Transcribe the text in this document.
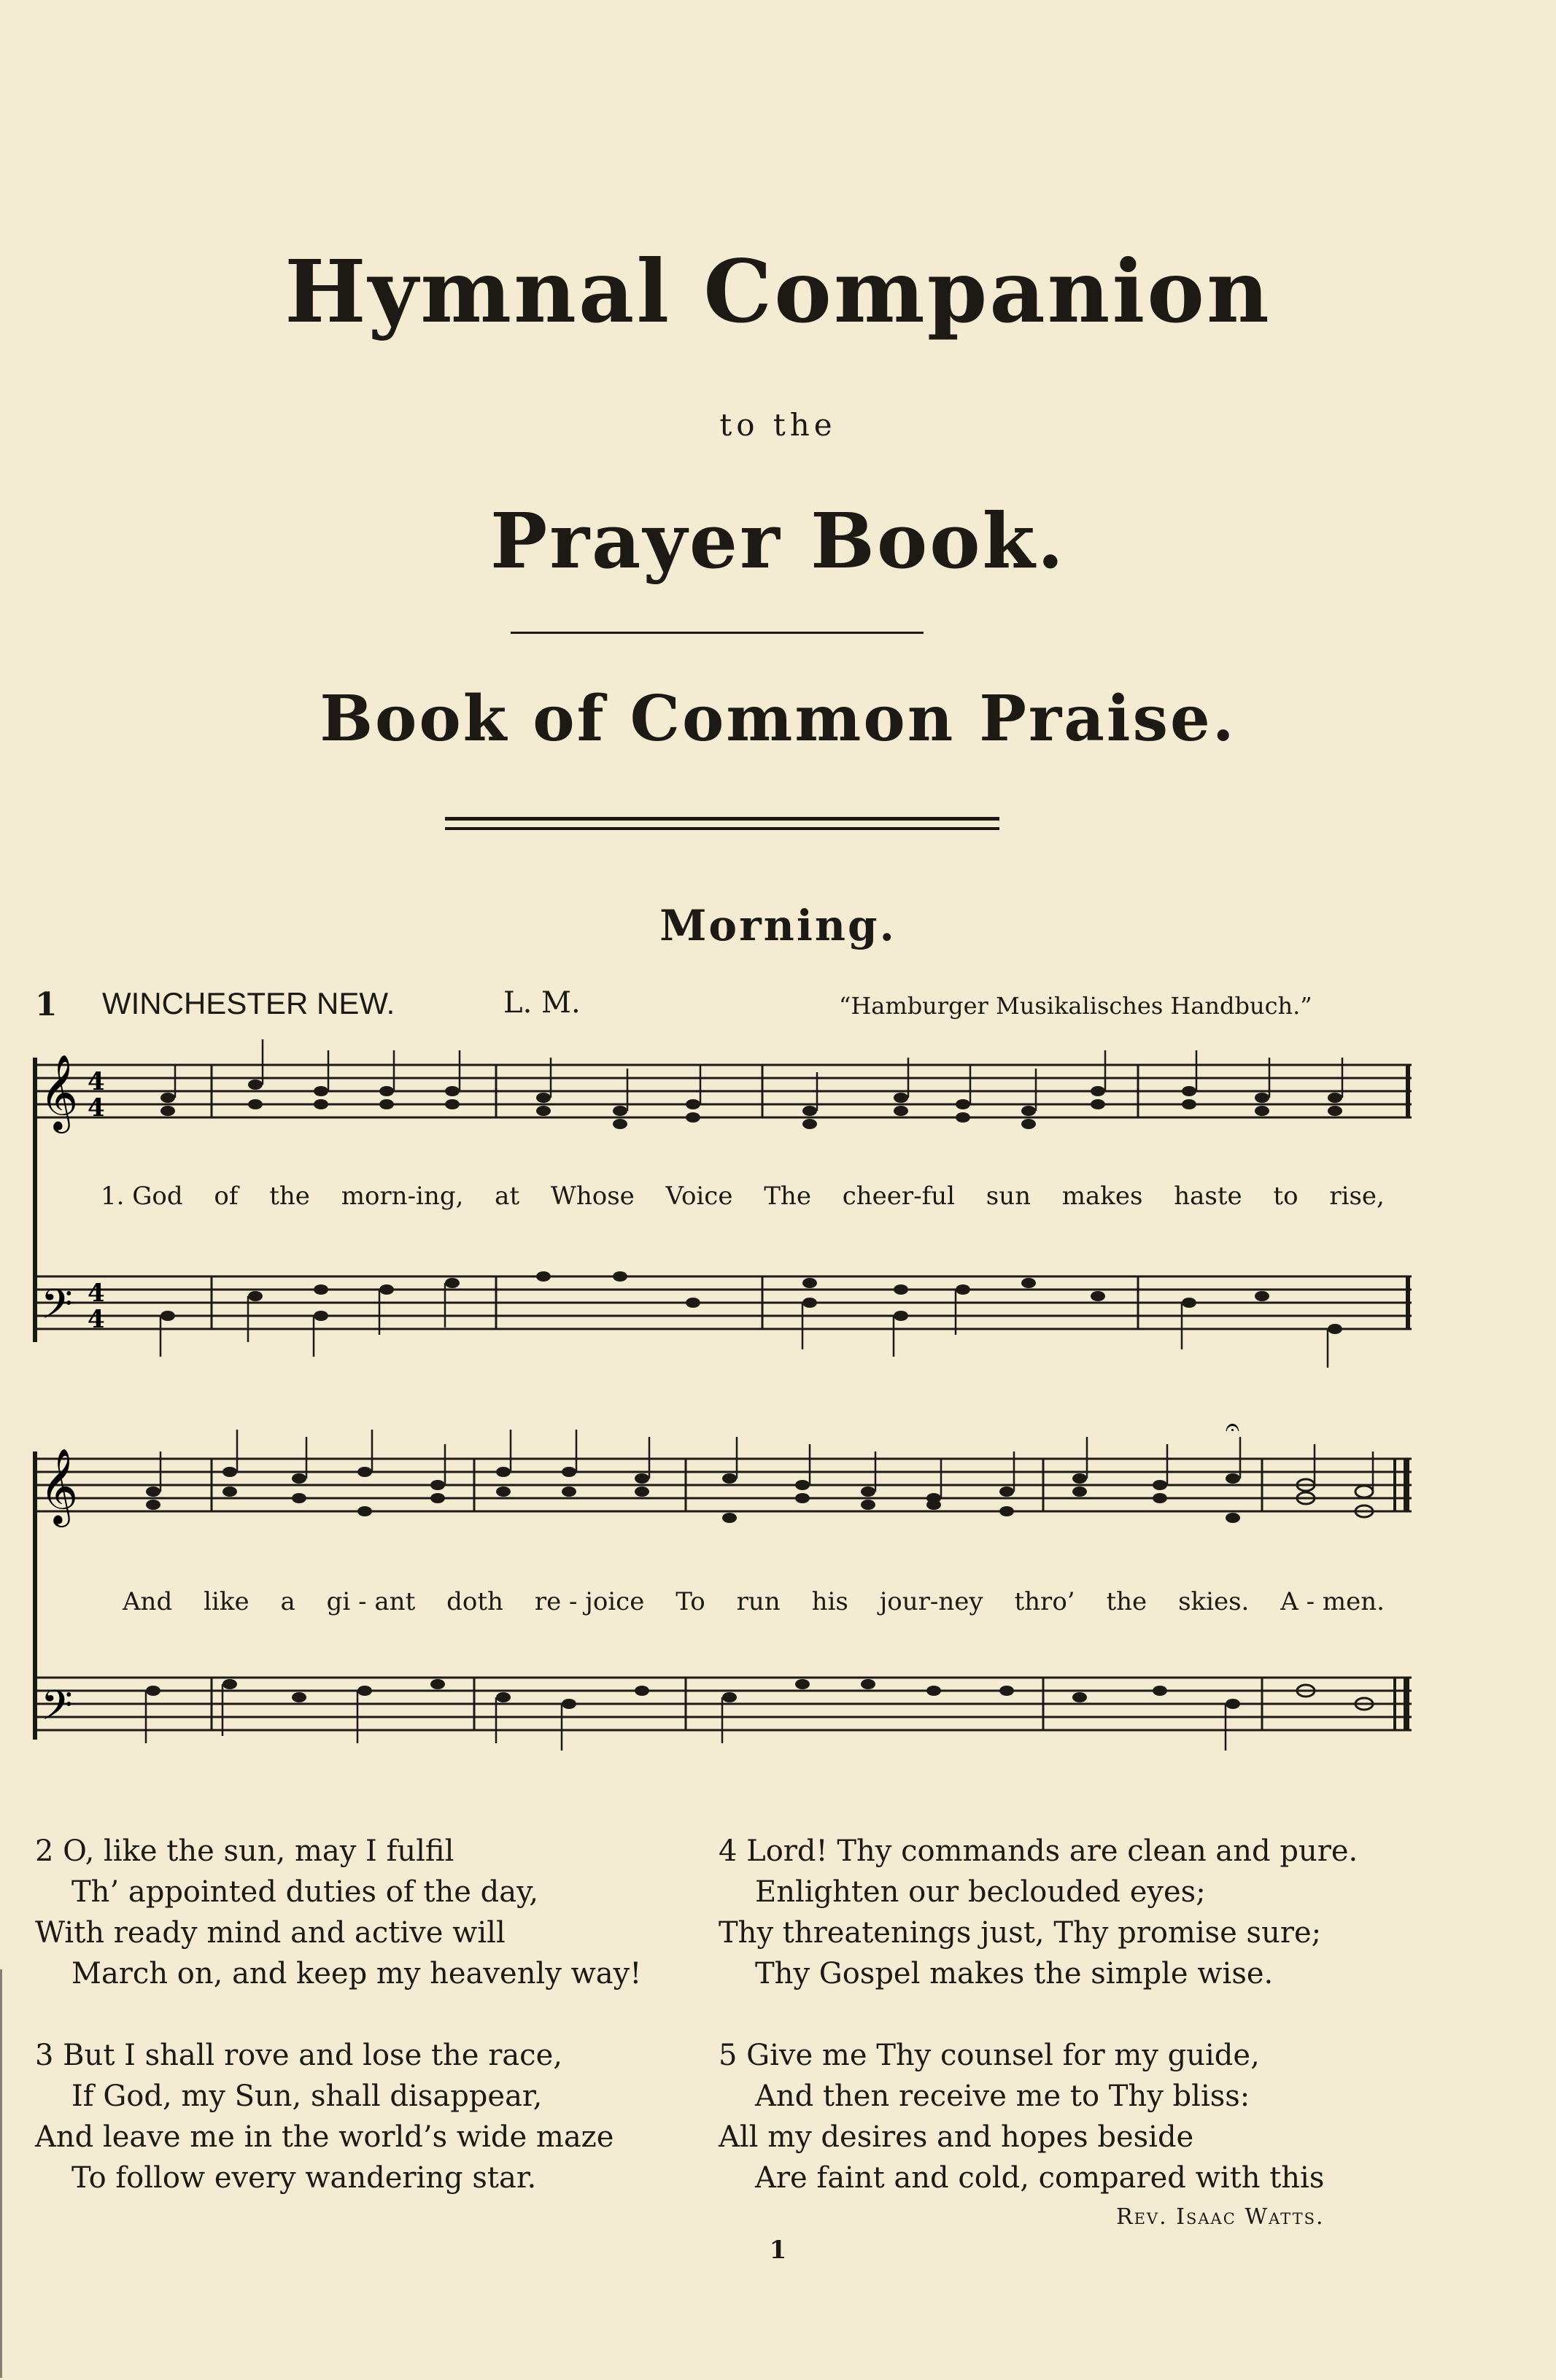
Hymnal Companion
to the
Prayer Book.
Book of Common Praise.
Morning.
1 WINCHESTER NEW.	L. M.	“Hamburger Musikalisches Handbuch.”
𝄞
𝄢
4
4
4
4
1. God of the morn-ing, at Whose Voice The cheer-ful sun makes haste to rise,
𝄞
𝄢
𝄐
And like a gi - ant doth re - joice To run his jour-ney thro’ the skies. A - men.
2 O, like the sun, may I fulfil
Th’ appointed duties of the day,
With ready mind and active will
March on, and keep my heavenly way!
3 But I shall rove and lose the race,
If God, my Sun, shall disappear,
And leave me in the world’s wide maze
To follow every wandering star.
4 Lord! Thy commands are clean and pure.
Enlighten our beclouded eyes;
Thy threatenings just, Thy promise sure;
Thy Gospel makes the simple wise.
5 Give me Thy counsel for my guide,
And then receive me to Thy bliss:
All my desires and hopes beside
Are faint and cold, compared with this
Rev. Isaac Watts.
1
